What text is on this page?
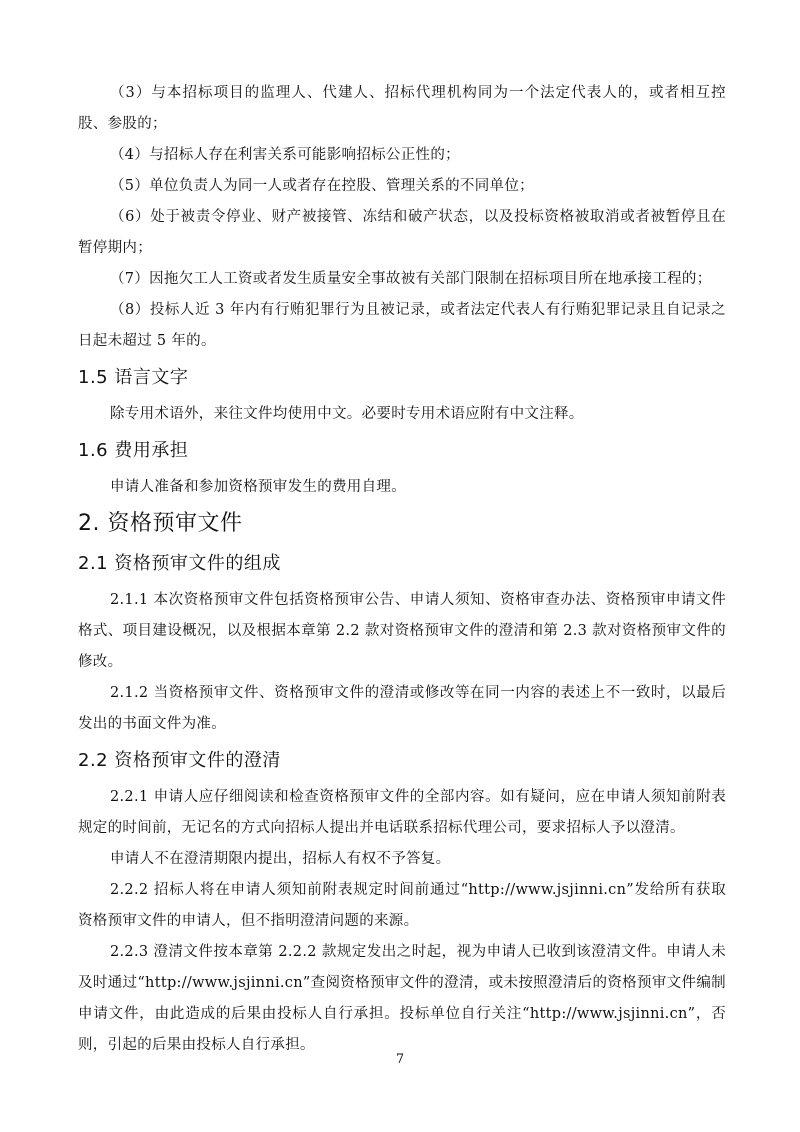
（3）与本招标项目的监理人、代建人、招标代理机构同为一个法定代表人的，或者相互控股、参股的；

（4）与招标人存在利害关系可能影响招标公正性的；

（5）单位负责人为同一人或者存在控股、管理关系的不同单位；

（6）处于被责令停业、财产被接管、冻结和破产状态，以及投标资格被取消或者被暂停且在暂停期内；

（7）因拖欠工人工资或者发生质量安全事故被有关部门限制在招标项目所在地承接工程的；

（8）投标人近 3 年内有行贿犯罪行为且被记录，或者法定代表人有行贿犯罪记录且自记录之日起未超过 5 年的。

1.5 语言文字

除专用术语外，来往文件均使用中文。必要时专用术语应附有中文注释。

1.6 费用承担

申请人准备和参加资格预审发生的费用自理。

2. 资格预审文件
2.1 资格预审文件的组成

2.1.1 本次资格预审文件包括资格预审公告、申请人须知、资格审查办法、资格预审申请文件格式、项目建设概况，以及根据本章第 2.2 款对资格预审文件的澄清和第 2.3 款对资格预审文件的修改。

2.1.2 当资格预审文件、资格预审文件的澄清或修改等在同一内容的表述上不一致时，以最后发出的书面文件为准。

2.2 资格预审文件的澄清

2.2.1 申请人应仔细阅读和检查资格预审文件的全部内容。如有疑问，应在申请人须知前附表规定的时间前，无记名的方式向招标人提出并电话联系招标代理公司，要求招标人予以澄清。

申请人不在澄清期限内提出，招标人有权不予答复。

2.2.2 招标人将在申请人须知前附表规定时间前通过“http://www.jsjinni.cn”发给所有获取资格预审文件的申请人，但不指明澄清问题的来源。

2.2.3 澄清文件按本章第 2.2.2 款规定发出之时起，视为申请人已收到该澄清文件。申请人未及时通过“http://www.jsjinni.cn”查阅资格预审文件的澄清，或未按照澄清后的资格预审文件编制申请文件，由此造成的后果由投标人自行承担。投标单位自行关注“http://www.jsjinni.cn”，否则，引起的后果由投标人自行承担。

7
